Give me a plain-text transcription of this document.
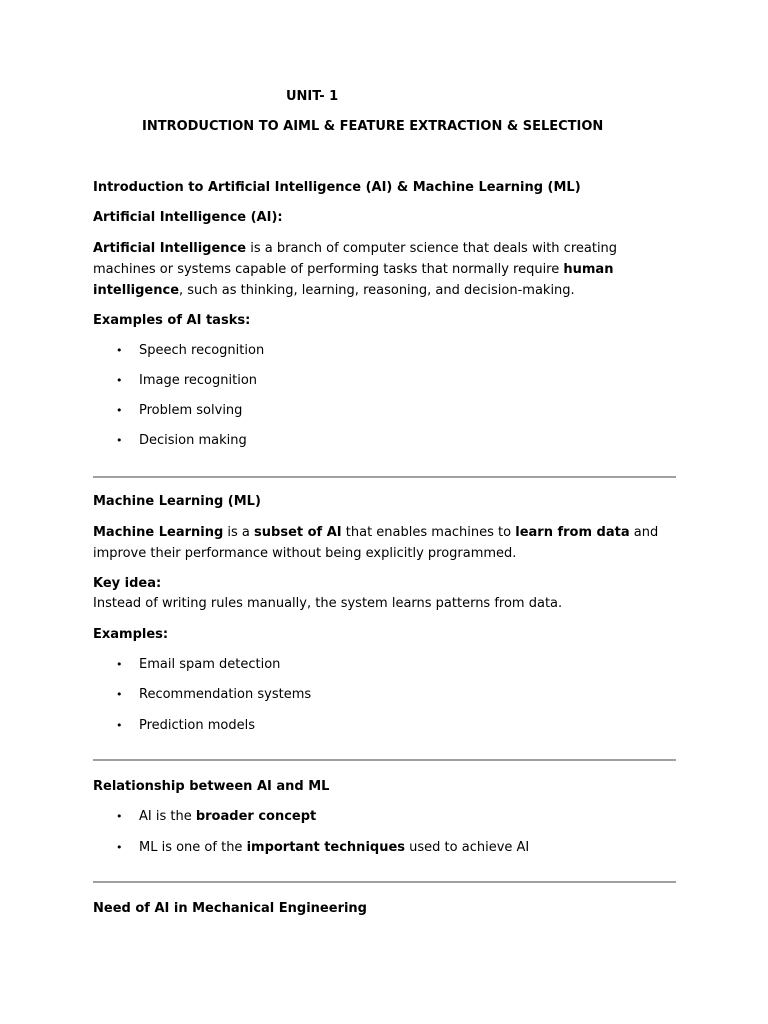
UNIT- 1
INTRODUCTION TO AIML & FEATURE EXTRACTION & SELECTION
Introduction to Artificial Intelligence (AI) & Machine Learning (ML)
Artificial Intelligence (AI):
Artificial Intelligence is a branch of computer science that deals with creating machines or systems capable of performing tasks that normally require human intelligence, such as thinking, learning, reasoning, and decision-making.
Examples of AI tasks:
• Speech recognition
• Image recognition
• Problem solving
• Decision making
Machine Learning (ML)
Machine Learning is a subset of AI that enables machines to learn from data and improve their performance without being explicitly programmed.
Key idea:
Instead of writing rules manually, the system learns patterns from data.
Examples:
• Email spam detection
• Recommendation systems
• Prediction models
Relationship between AI and ML
• AI is the broader concept
• ML is one of the important techniques used to achieve AI
Need of AI in Mechanical Engineering
